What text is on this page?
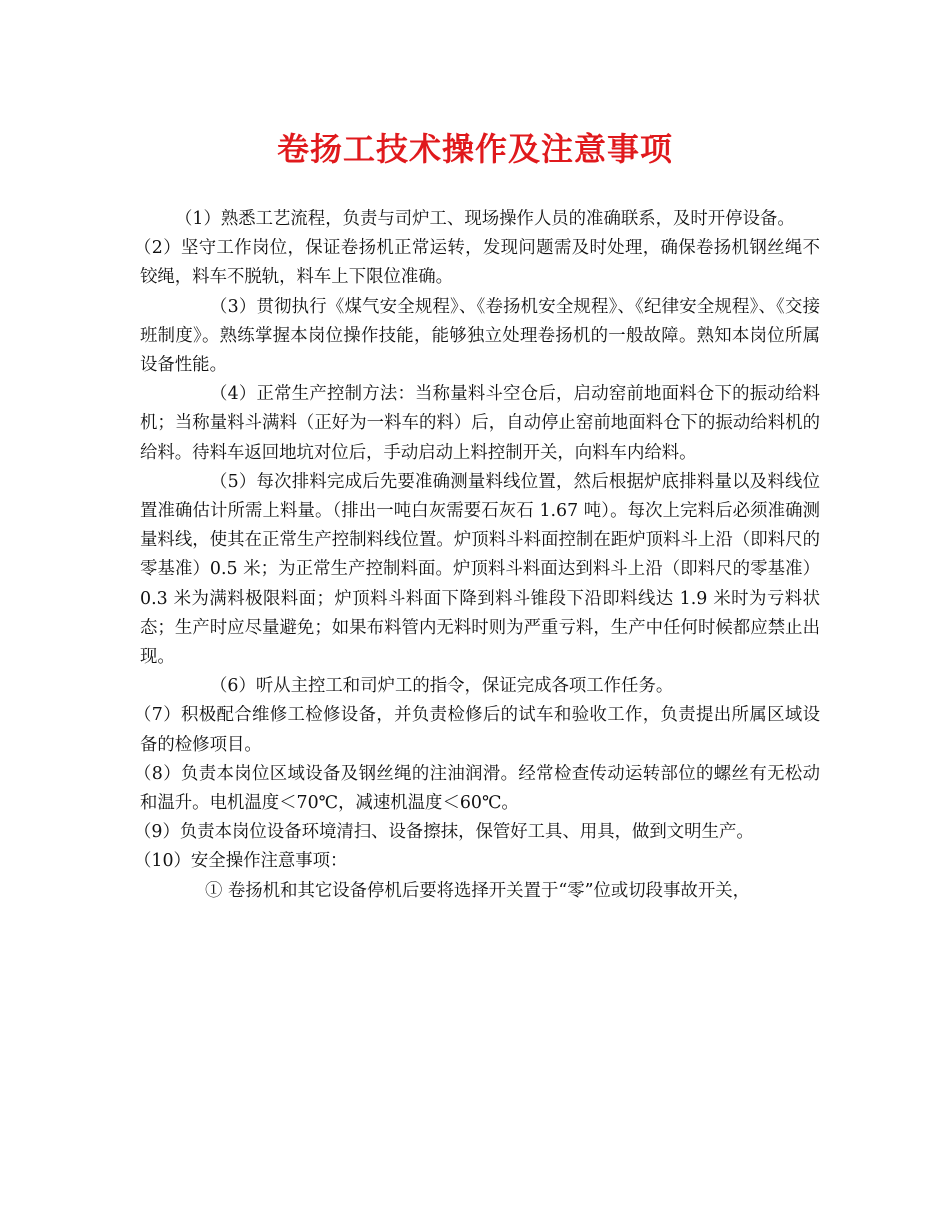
卷扬工技术操作及注意事项

（1）熟悉工艺流程，负责与司炉工、现场操作人员的准确联系，及时开停设备。

（2）坚守工作岗位，保证卷扬机正常运转，发现问题需及时处理，确保卷扬机钢丝绳不铰绳，料车不脱轨，料车上下限位准确。

（3）贯彻执行《煤气安全规程》、《卷扬机安全规程》、《纪律安全规程》、《交接班制度》。熟练掌握本岗位操作技能，能够独立处理卷扬机的一般故障。熟知本岗位所属设备性能。

（4）正常生产控制方法：当称量料斗空仓后，启动窑前地面料仓下的振动给料机；当称量料斗满料（正好为一料车的料）后，自动停止窑前地面料仓下的振动给料机的给料。待料车返回地坑对位后，手动启动上料控制开关，向料车内给料。

（5）每次排料完成后先要准确测量料线位置，然后根据炉底排料量以及料线位置准确估计所需上料量。（排出一吨白灰需要石灰石 1.67 吨）。每次上完料后必须准确测量料线，使其在正常生产控制料线位置。炉顶料斗料面控制在距炉顶料斗上沿（即料尺的零基准）0.5 米；为正常生产控制料面。炉顶料斗料面达到料斗上沿（即料尺的零基准）0.3 米为满料极限料面；炉顶料斗料面下降到料斗锥段下沿即料线达 1.9 米时为亏料状态；生产时应尽量避免；如果布料管内无料时则为严重亏料，生产中任何时候都应禁止出现。

（6）听从主控工和司炉工的指令，保证完成各项工作任务。

（7）积极配合维修工检修设备，并负责检修后的试车和验收工作，负责提出所属区域设备的检修项目。

（8）负责本岗位区域设备及钢丝绳的注油润滑。经常检查传动运转部位的螺丝有无松动和温升。电机温度＜70℃，减速机温度＜60℃。

（9）负责本岗位设备环境清扫、设备擦抹，保管好工具、用具，做到文明生产。

（10）安全操作注意事项：

① 卷扬机和其它设备停机后要将选择开关置于“零”位或切段事故开关，
